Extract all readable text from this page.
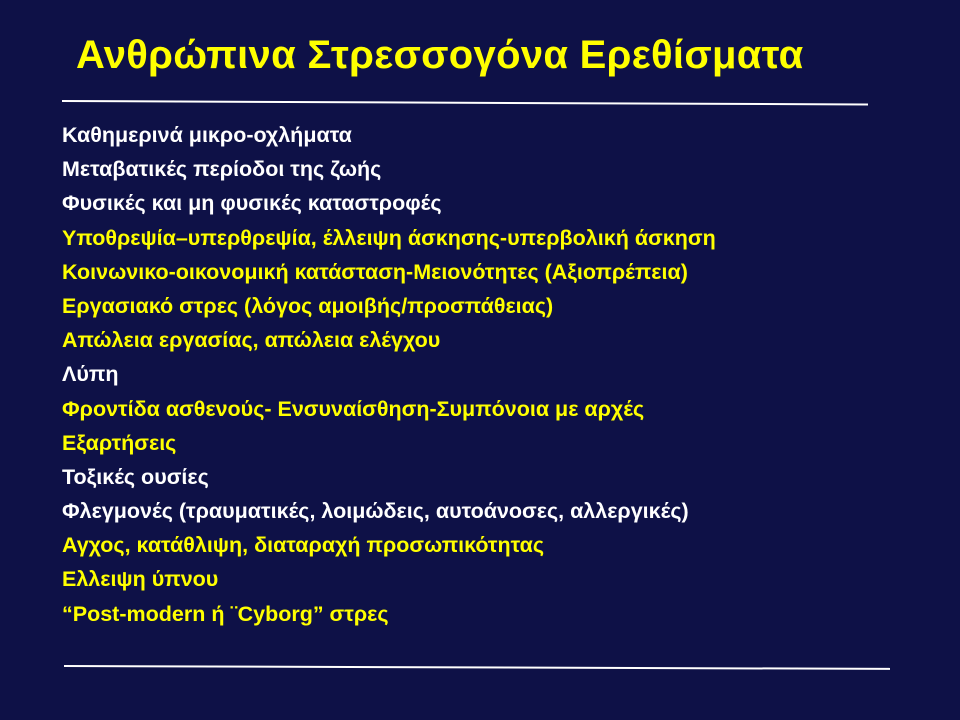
Ανθρώπινα Στρεσσογόνα Ερεθίσματα
Καθημερινά μικρο-οχλήματα
Μεταβατικές περίοδοι της ζωής
Φυσικές και μη φυσικές καταστροφές
Υποθρεψία–υπερθρεψία, έλλειψη άσκησης-υπερβολική άσκηση
Κοινωνικο-οικονομική κατάσταση-Μειονότητες (Αξιοπρέπεια)
Εργασιακό στρες (λόγος αμοιβής/προσπάθειας)
Απώλεια εργασίας, απώλεια ελέγχου
Λύπη
Φροντίδα ασθενούς- Ενσυναίσθηση-Συμπόνοια με αρχές
Εξαρτήσεις
Τοξικές ουσίες
Φλεγμονές (τραυματικές, λοιμώδεις, αυτοάνοσες, αλλεργικές)
Αγχος, κατάθλιψη, διαταραχή προσωπικότητας
Ελλειψη ύπνου
“Post-modern ή ¨Cyborg” στρες
